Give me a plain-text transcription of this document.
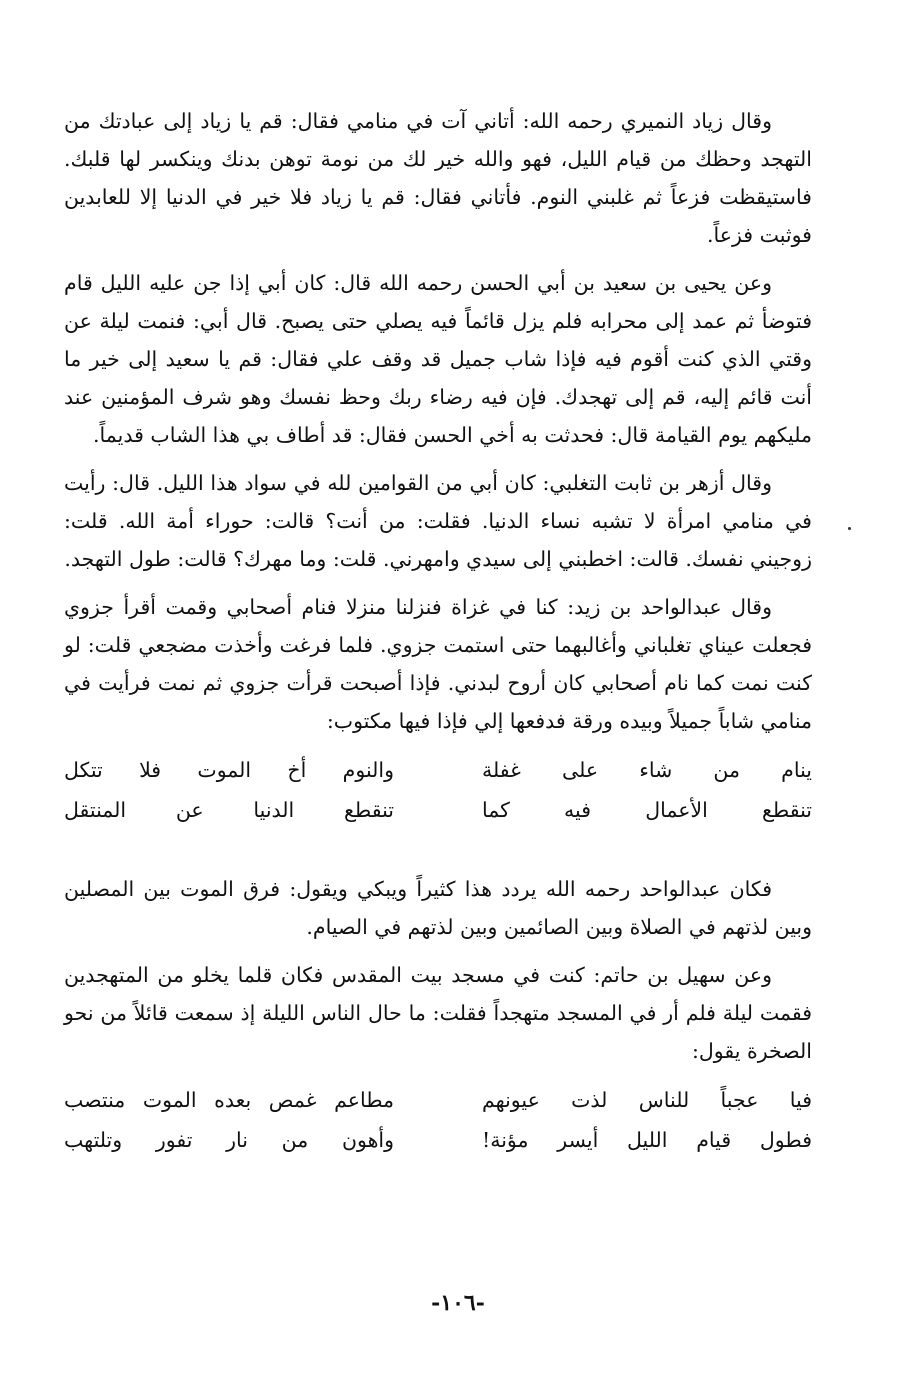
وقال زياد النميري رحمه الله: أتاني آت في منامي فقال: قم يا زياد إلى عبادتك من التهجد وحظك من قيام الليل، فهو والله خير لك من نومة توهن بدنك وينكسر لها قلبك. فاستيقظت فزعاً ثم غلبني النوم. فأتاني فقال: قم يا زياد فلا خير في الدنيا إلا للعابدين فوثبت فزعاً.

وعن يحيى بن سعيد بن أبي الحسن رحمه الله قال: كان أبي إذا جن عليه الليل قام فتوضأ ثم عمد إلى محرابه فلم يزل قائماً فيه يصلي حتى يصبح. قال أبي: فنمت ليلة عن وقتي الذي كنت أقوم فيه فإذا شاب جميل قد وقف علي فقال: قم يا سعيد إلى خير ما أنت قائم إليه، قم إلى تهجدك. فإن فيه رضاء ربك وحظ نفسك وهو شرف المؤمنين عند مليكهم يوم القيامة قال: فحدثت به أخي الحسن فقال: قد أطاف بي هذا الشاب قديماً.

وقال أزهر بن ثابت التغلبي: كان أبي من القوامين لله في سواد هذا الليل. قال: رأيت في منامي امرأة لا تشبه نساء الدنيا. فقلت: من أنت؟ قالت: حوراء أمة الله. قلت: زوجيني نفسك. قالت: اخطبني إلى سيدي وامهرني. قلت: وما مهرك؟ قالت: طول التهجد.

وقال عبدالواحد بن زيد: كنا في غزاة فنزلنا منزلا فنام أصحابي وقمت أقرأ جزوي فجعلت عيناي تغلباني وأغالبهما حتى استمت جزوي. فلما فرغت وأخذت مضجعي قلت: لو كنت نمت كما نام أصحابي كان أروح لبدني. فإذا أصبحت قرأت جزوي ثم نمت فرأيت في منامي شاباً جميلاً وبيده ورقة فدفعها إلي فإذا فيها مكتوب:

ينام من شاء على غفلة
والنوم أخ الموت فلا تتكل
تنقطع الأعمال فيه كما
تنقطع الدنيا عن المنتقل

فكان عبدالواحد رحمه الله يردد هذا كثيراً ويبكي ويقول: فرق الموت بين المصلين وبين لذتهم في الصلاة وبين الصائمين وبين لذتهم في الصيام.

وعن سهيل بن حاتم: كنت في مسجد بيت المقدس فكان قلما يخلو من المتهجدين فقمت ليلة فلم أر في المسجد متهجداً فقلت: ما حال الناس الليلة إذ سمعت قائلاً من نحو الصخرة يقول:

فيا عجباً للناس لذت عيونهم
مطاعم غمص بعده الموت منتصب
فطول قيام الليل أيسر مؤنة!
وأهون من نار تفور وتلتهب
-١٠٦-
